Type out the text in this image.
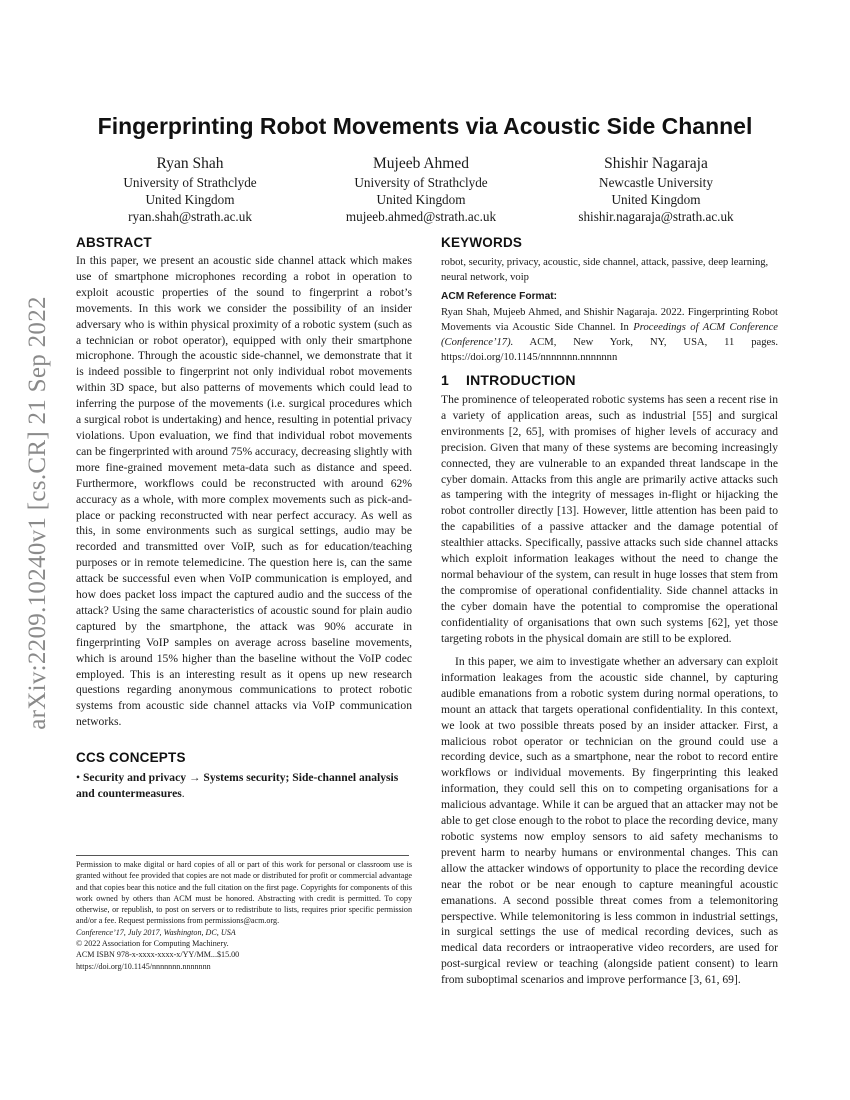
arXiv:2209.10240v1 [cs.CR] 21 Sep 2022
Fingerprinting Robot Movements via Acoustic Side Channel
Ryan Shah
University of Strathclyde
United Kingdom
ryan.shah@strath.ac.uk
Mujeeb Ahmed
University of Strathclyde
United Kingdom
mujeeb.ahmed@strath.ac.uk
Shishir Nagaraja
Newcastle University
United Kingdom
shishir.nagaraja@strath.ac.uk
ABSTRACT

In this paper, we present an acoustic side channel attack which makes use of smartphone microphones recording a robot in operation to exploit acoustic properties of the sound to fingerprint a robot’s movements. In this work we consider the possibility of an insider adversary who is within physical proximity of a robotic system (such as a technician or robot operator), equipped with only their smartphone microphone. Through the acoustic side-channel, we demonstrate that it is indeed possible to fingerprint not only individual robot movements within 3D space, but also patterns of movements which could lead to inferring the purpose of the movements (i.e. surgical procedures which a surgical robot is undertaking) and hence, resulting in potential privacy violations. Upon evaluation, we find that individual robot movements can be fingerprinted with around 75% accuracy, decreasing slightly with more fine-grained movement meta-data such as distance and speed. Furthermore, workflows could be reconstructed with around 62% accuracy as a whole, with more complex movements such as pick-and-place or packing reconstructed with near perfect accuracy. As well as this, in some environments such as surgical settings, audio may be recorded and transmitted over VoIP, such as for education/teaching purposes or in remote telemedicine. The question here is, can the same attack be successful even when VoIP communication is employed, and how does packet loss impact the captured audio and the success of the attack? Using the same characteristics of acoustic sound for plain audio captured by the smartphone, the attack was 90% accurate in fingerprinting VoIP samples on average across baseline movements, which is around 15% higher than the baseline without the VoIP codec employed. This is an interesting result as it opens up new research questions regarding anonymous communications to protect robotic systems from acoustic side channel attacks via VoIP communication networks.

CCS CONCEPTS
• Security and privacy → Systems security; Side-channel analysis and countermeasures.
Permission to make digital or hard copies of all or part of this work for personal or classroom use is granted without fee provided that copies are not made or distributed for profit or commercial advantage and that copies bear this notice and the full citation on the first page. Copyrights for components of this work owned by others than ACM must be honored. Abstracting with credit is permitted. To copy otherwise, or republish, to post on servers or to redistribute to lists, requires prior specific permission and/or a fee. Request permissions from permissions@acm.org.
Conference’17, July 2017, Washington, DC, USA
© 2022 Association for Computing Machinery.
ACM ISBN 978-x-xxxx-xxxx-x/YY/MM...$15.00
https://doi.org/10.1145/nnnnnnn.nnnnnnn
KEYWORDS
robot, security, privacy, acoustic, side channel, attack, passive, deep learning, neural network, voip
ACM Reference Format:
Ryan Shah, Mujeeb Ahmed, and Shishir Nagaraja. 2022. Fingerprinting Robot Movements via Acoustic Side Channel. In Proceedings of ACM Conference (Conference’17). ACM, New York, NY, USA, 11 pages. https://doi.org/10.1145/nnnnnnn.nnnnnnn
1 INTRODUCTION

The prominence of teleoperated robotic systems has seen a recent rise in a variety of application areas, such as industrial [55] and surgical environments [2, 65], with promises of higher levels of accuracy and precision. Given that many of these systems are becoming increasingly connected, they are vulnerable to an expanded threat landscape in the cyber domain. Attacks from this angle are primarily active attacks such as tampering with the integrity of messages in-flight or hijacking the robot controller directly [13]. However, little attention has been paid to the capabilities of a passive attacker and the damage potential of stealthier attacks. Specifically, passive attacks such side channel attacks which exploit information leakages without the need to change the normal behaviour of the system, can result in huge losses that stem from the compromise of operational confidentiality. Side channel attacks in the cyber domain have the potential to compromise the operational confidentiality of organisations that own such systems [62], yet those targeting robots in the physical domain are still to be explored.

In this paper, we aim to investigate whether an adversary can exploit information leakages from the acoustic side channel, by capturing audible emanations from a robotic system during normal operations, to mount an attack that targets operational confidentiality. In this context, we look at two possible threats posed by an insider attacker. First, a malicious robot operator or technician on the ground could use a recording device, such as a smartphone, near the robot to record entire workflows or individual movements. By fingerprinting this leaked information, they could sell this on to competing organisations for a malicious advantage. While it can be argued that an attacker may not be able to get close enough to the robot to place the recording device, many robotic systems now employ sensors to aid safety mechanisms to prevent harm to nearby humans or environmental changes. This can allow the attacker windows of opportunity to place the recording device near the robot or be near enough to capture meaningful acoustic emanations. A second possible threat comes from a telemonitoring perspective. While telemonitoring is less common in industrial settings, in surgical settings the use of medical recording devices, such as medical data recorders or intraoperative video recorders, are used for post-surgical review or teaching (alongside patient consent) to learn from suboptimal scenarios and improve performance [3, 61, 69].
